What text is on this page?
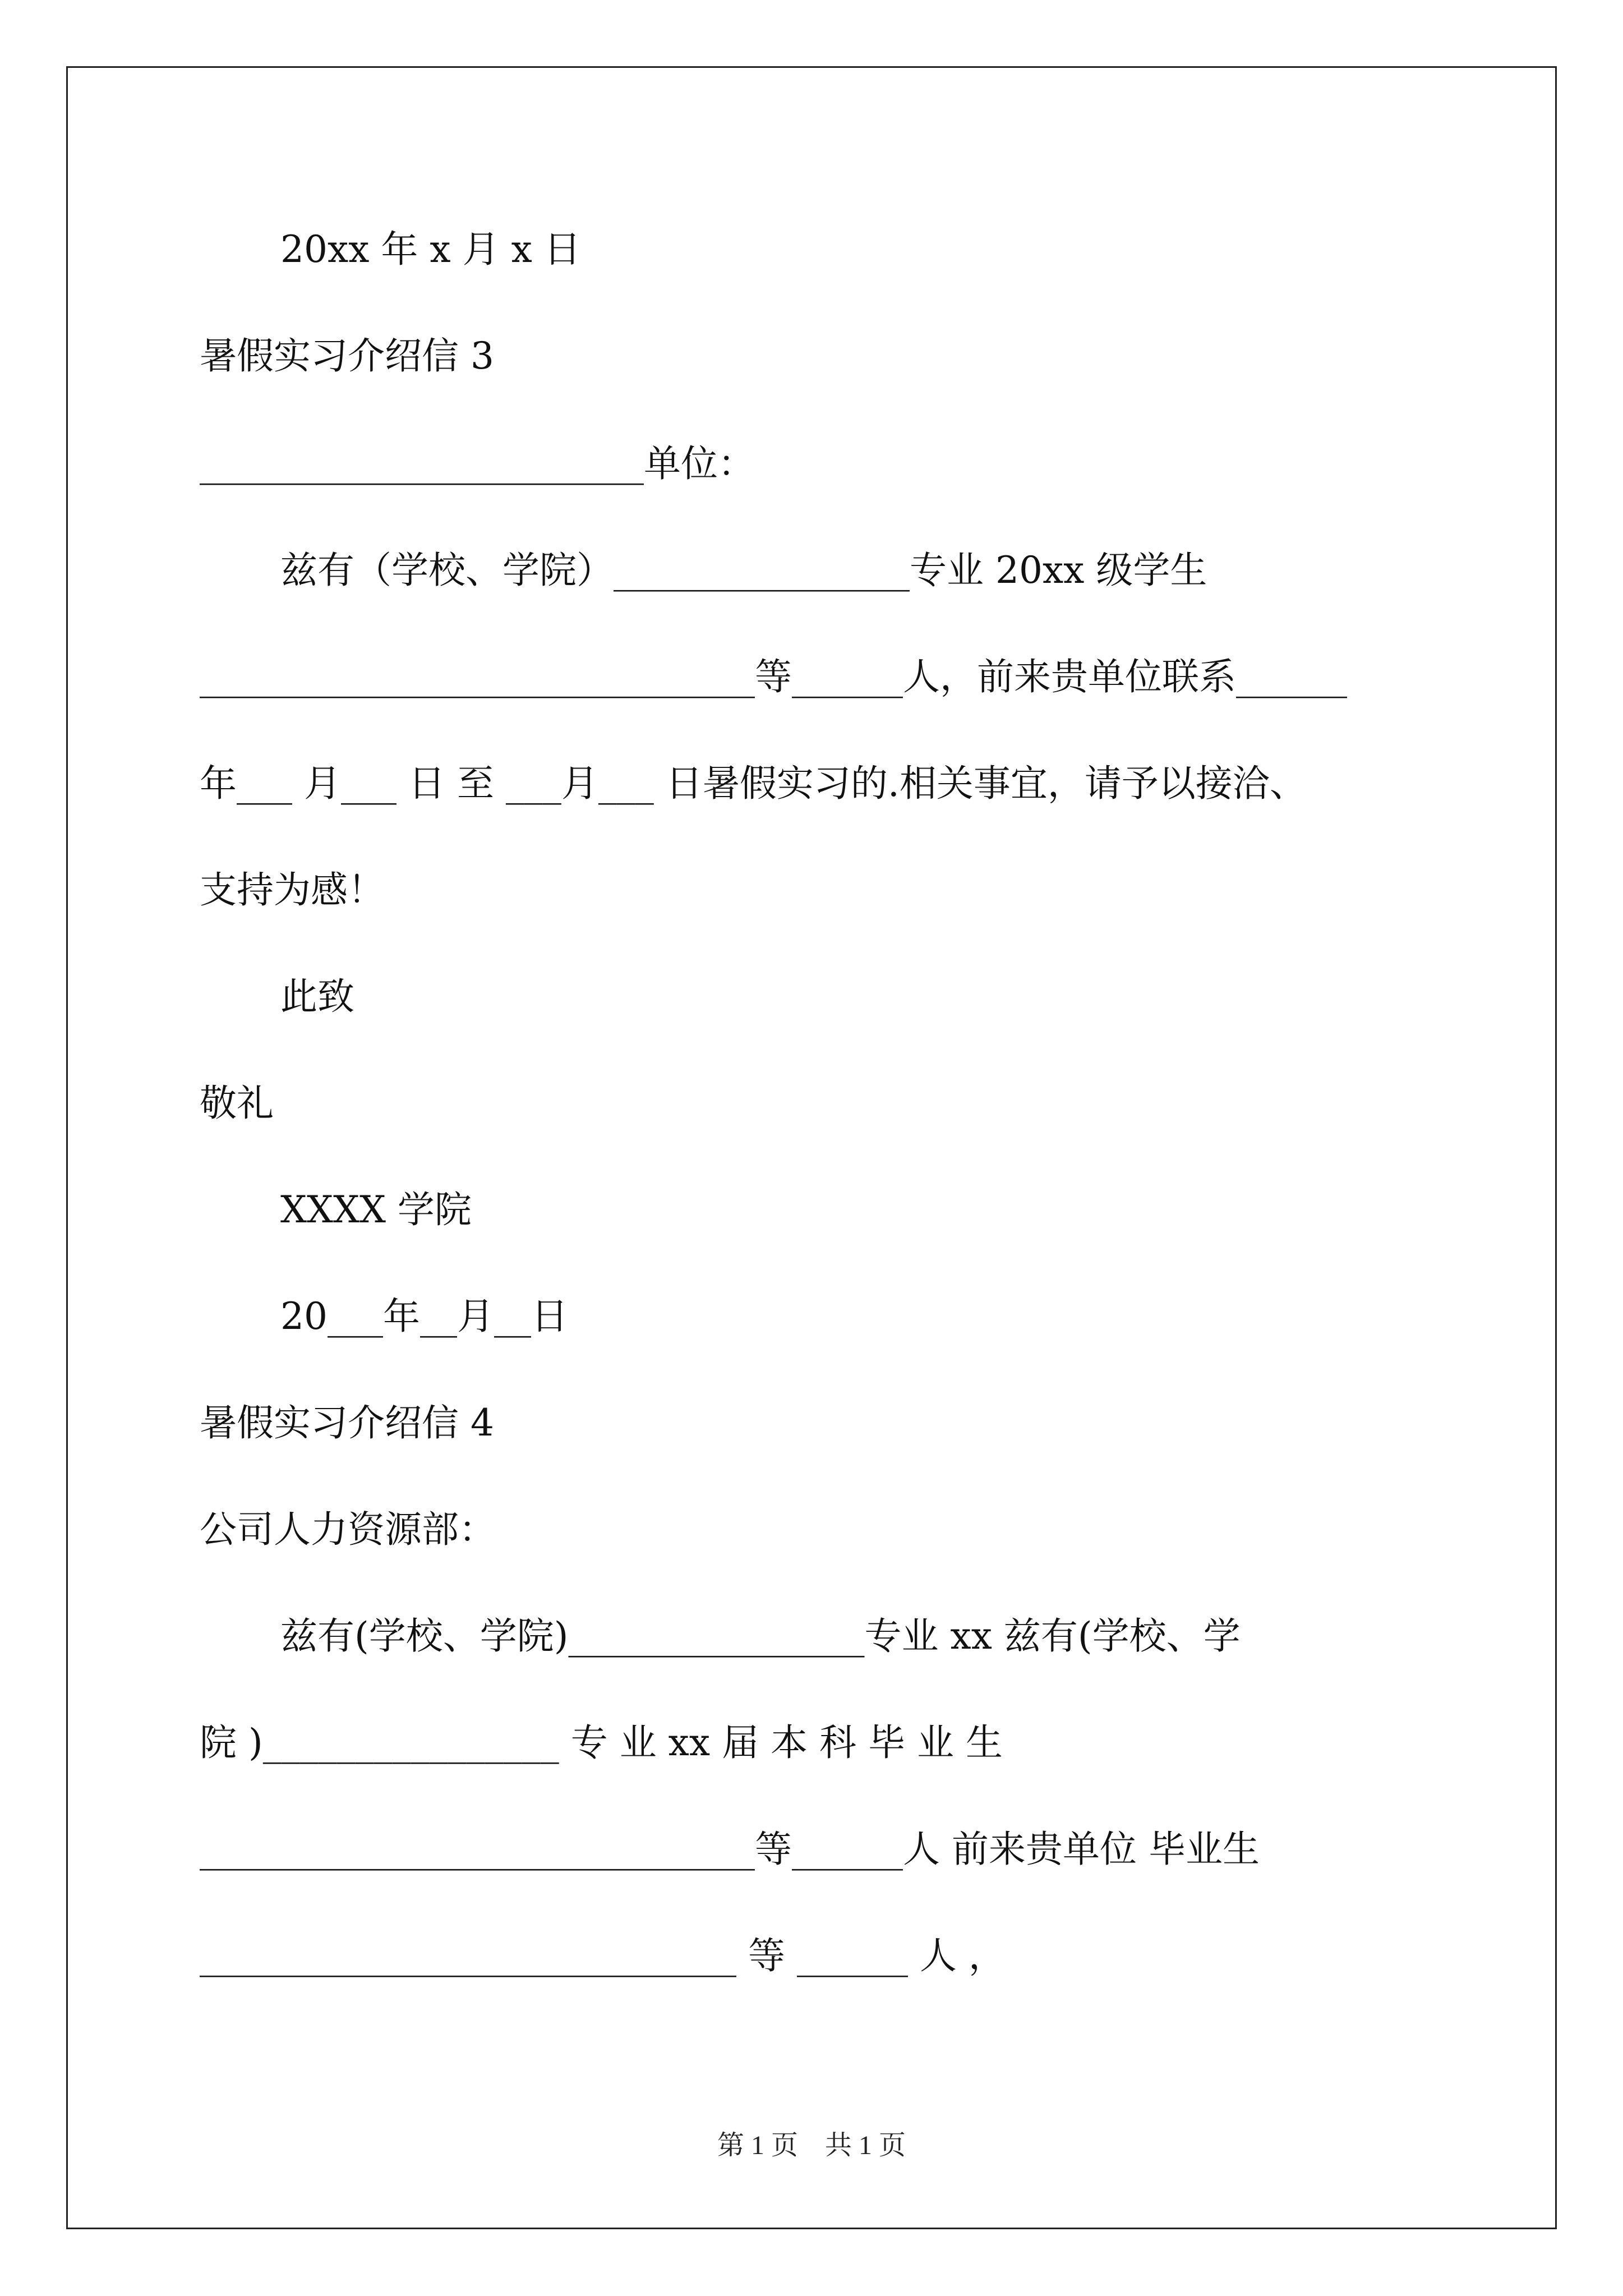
20xx 年 x 月 x 日
暑假实习介绍信 3
________________________单位：
兹有（学校、学院）________________专业 20xx 级学生
______________________________等______人，前来贵单位联系______
年___ 月___ 日 至 ___月___ 日暑假实习的.相关事宜，请予以接洽、
支持为感！
此致
敬礼
XXXX 学院
20___年__月__日
暑假实习介绍信 4
公司人力资源部：
兹有(学校、学院)________________专业 xx 兹有(学校、学
院 )________________ 专 业 xx 届 本 科 毕 业 生
______________________________等______人 前来贵单位 毕业生
_____________________________ 等 ______ 人 ，
第 1 页　共 1 页
